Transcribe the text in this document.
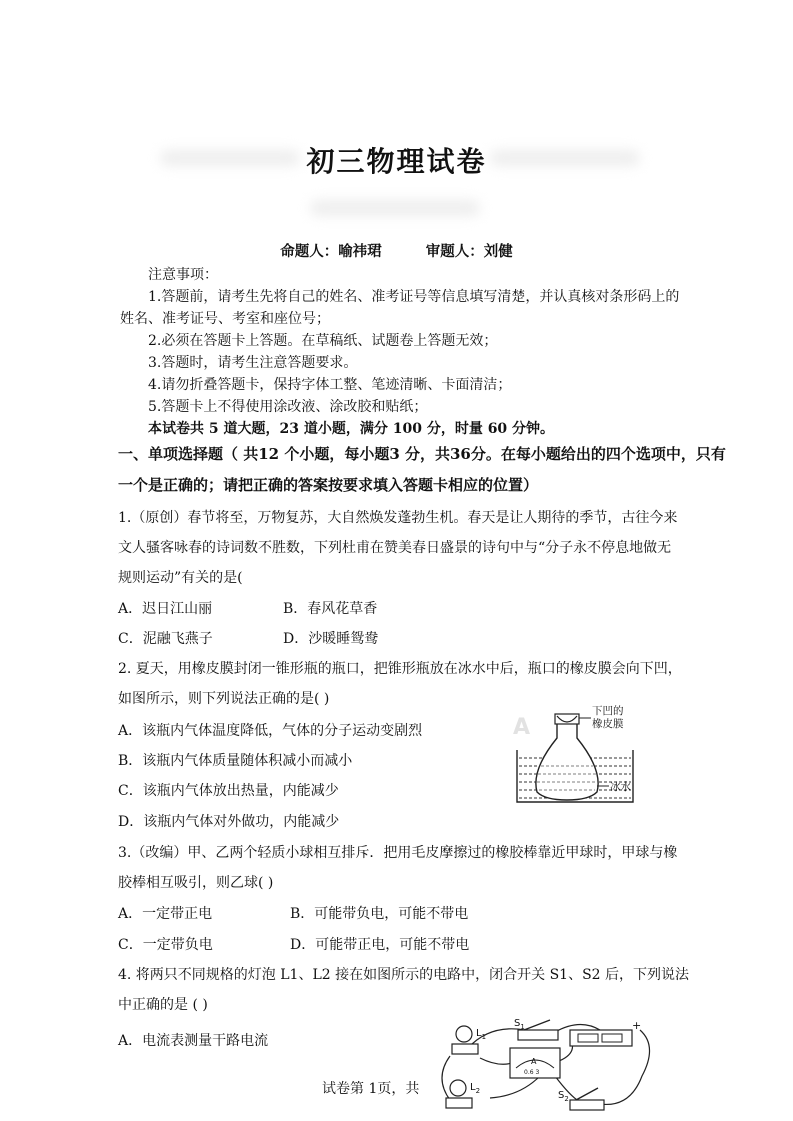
初三物理试卷
命题人：喻祎珺	审题人：刘健
注意事项：
1.答题前，请考生先将自己的姓名、准考证号等信息填写清楚，并认真核对条形码上的
姓名、准考证号、考室和座位号；
2.必须在答题卡上答题。在草稿纸、试题卷上答题无效；
3.答题时，请考生注意答题要求。
4.请勿折叠答题卡，保持字体工整、笔迹清晰、卡面清洁；
5.答题卡上不得使用涂改液、涂改胶和贴纸；
本试卷共 5 道大题，23 道小题，满分 100 分，时量 60 分钟。
一、单项选择题（ 共12 个小题，每小题3 分，共36分。在每小题给出的四个选项中，只有
一个是正确的；请把正确的答案按要求填入答题卡相应的位置）
1.（原创）春节将至，万物复苏，大自然焕发蓬勃生机。春天是让人期待的季节，古往今来
文人骚客咏春的诗词数不胜数，下列杜甫在赞美春日盛景的诗句中与“分子永不停息地做无
规则运动”有关的是(
A．迟日江山丽	B．春风花草香
C．泥融飞燕子	D．沙暖睡鸳鸯
2. 夏天，用橡皮膜封闭一锥形瓶的瓶口，把锥形瓶放在冰水中后，瓶口的橡皮膜会向下凹，
如图所示，则下列说法正确的是( )
A．该瓶内气体温度降低，气体的分子运动变剧烈
B．该瓶内气体质量随体积减小而减小
C．该瓶内气体放出热量，内能减少
D．该瓶内气体对外做功，内能减少
A
下凹的
橡皮膜
冰水
3.（改编）甲、乙两个轻质小球相互排斥．把用毛皮摩擦过的橡胶棒靠近甲球时，甲球与橡
胶棒相互吸引，则乙球( )
A．一定带正电	B．可能带负电，可能不带电
C．一定带负电	D．可能带正电，可能不带电
4. 将两只不同规格的灯泡 L1、L2 接在如图所示的电路中，闭合开关 S1、S2 后，下列说法
中正确的是 ( )
A．电流表测量干路电流
$S_1$	+
$L_1$
A
0.6 3
$L_2$	$S_2$
试卷第 1页，共
